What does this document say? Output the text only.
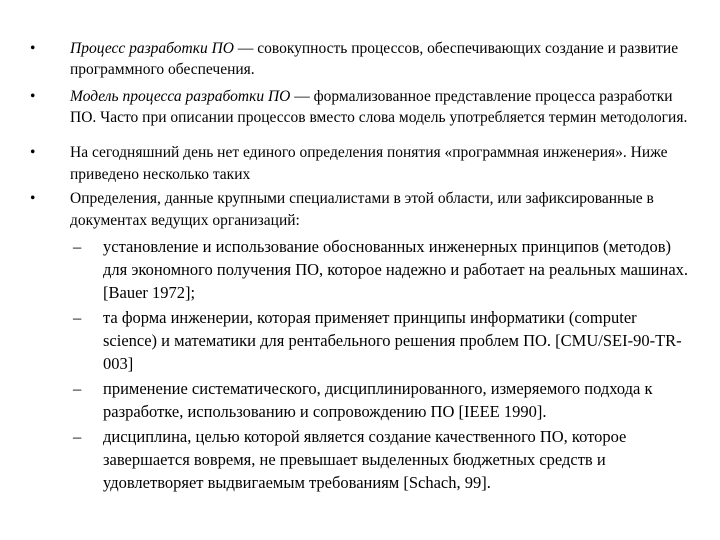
• Процесс разработки ПО — совокупность процессов, обеспечивающих создание и развитие программного обеспечения.
• Модель процесса разработки ПО — формализованное представление процесса разработки ПО. Часто при описании процессов вместо слова модель употребляется термин методология.
• На сегодняшний день нет единого определения понятия «программная инженерия». Ниже приведено несколько таких
• Определения, данные крупными специалистами в этой области, или зафиксированные в документах ведущих организаций:
– установление и использование обоснованных инженерных принципов (методов) для экономного получения ПО, которое надежно и работает на реальных машинах. [Bauer 1972];
– та форма инженерии, которая применяет принципы информатики (computer science) и математики для рентабельного решения проблем ПО. [CMU/SEI-90-TR-003]
– применение систематического, дисциплинированного, измеряемого подхода к разработке, использованию и сопровождению ПО [IEEE 1990].
– дисциплина, целью которой является создание качественного ПО, которое завершается вовремя, не превышает выделенных бюджетных средств и удовлетворяет выдвигаемым требованиям [Schach, 99].
